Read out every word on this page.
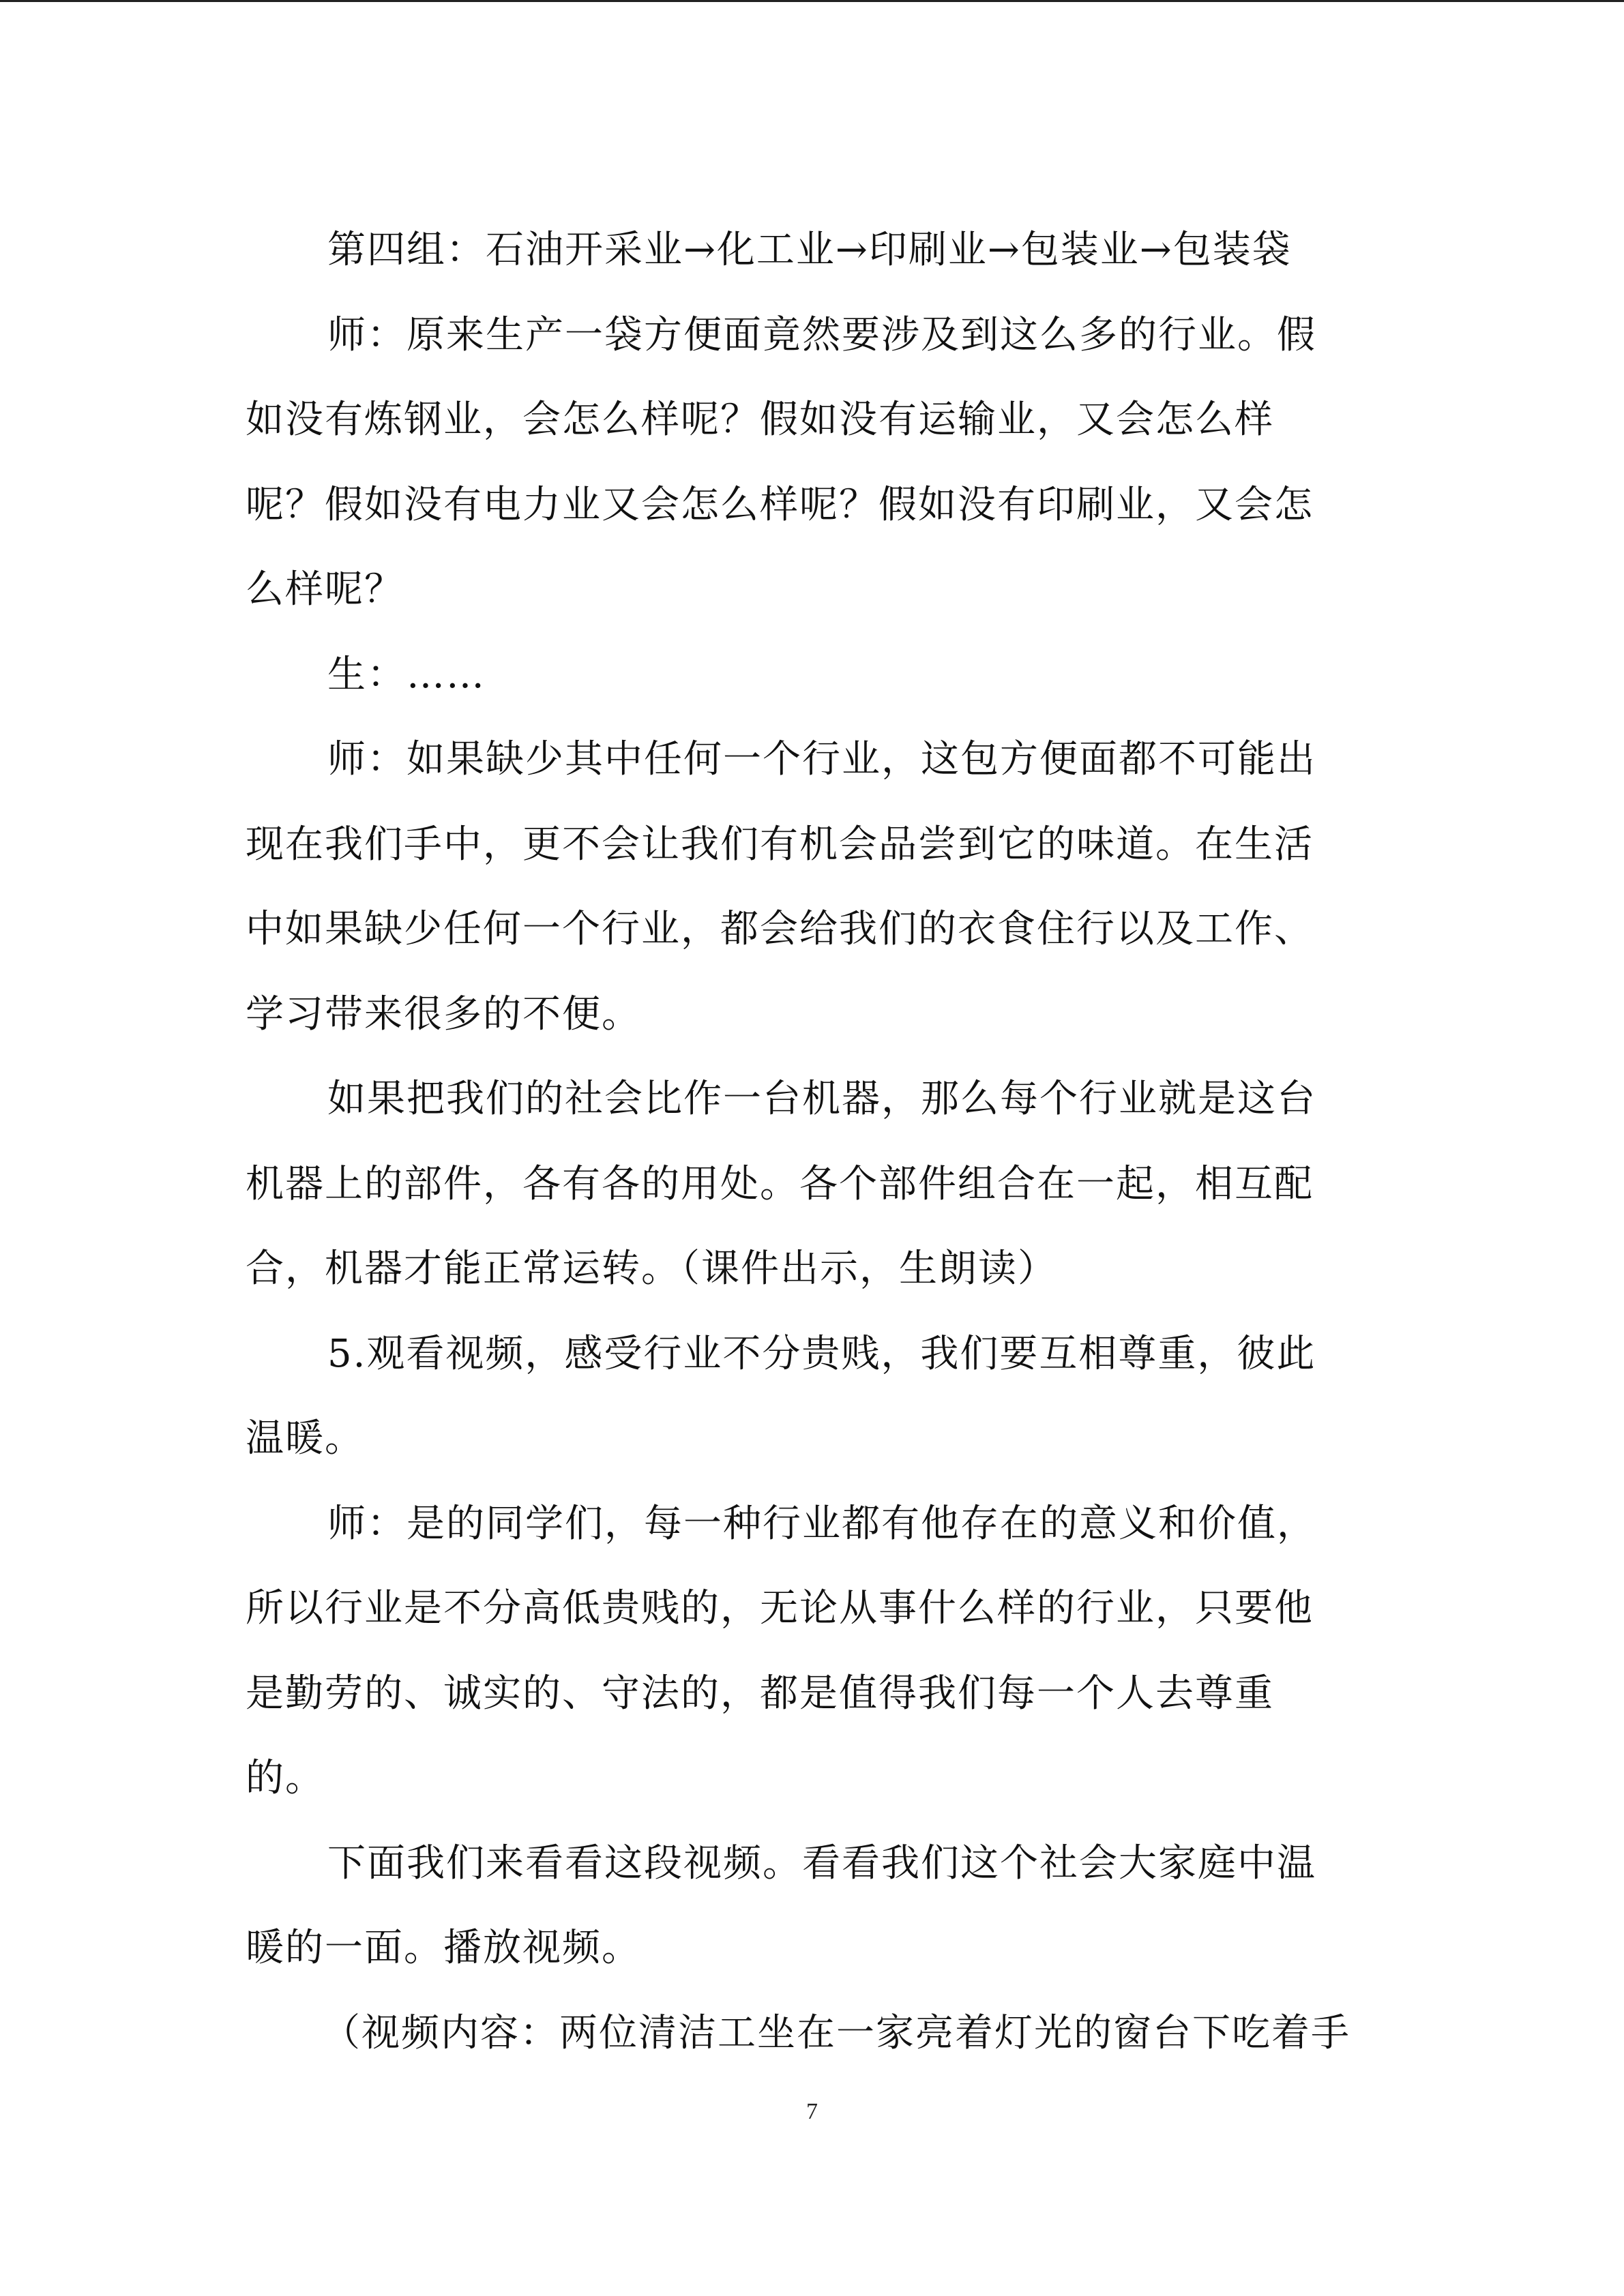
第四组：石油开采业→化工业→印刷业→包装业→包装袋
师：原来生产一袋方便面竟然要涉及到这么多的行业。假
如没有炼钢业，会怎么样呢？假如没有运输业，又会怎么样
呢？假如没有电力业又会怎么样呢？假如没有印刷业，又会怎
么样呢？
生：……
师：如果缺少其中任何一个行业，这包方便面都不可能出
现在我们手中，更不会让我们有机会品尝到它的味道。在生活
中如果缺少任何一个行业，都会给我们的衣食住行以及工作、
学习带来很多的不便。
如果把我们的社会比作一台机器，那么每个行业就是这台
机器上的部件，各有各的用处。各个部件组合在一起，相互配
合，机器才能正常运转。（课件出示，生朗读）
5.观看视频，感受行业不分贵贱，我们要互相尊重，彼此
温暖。
师：是的同学们，每一种行业都有他存在的意义和价值，
所以行业是不分高低贵贱的，无论从事什么样的行业，只要他
是勤劳的、诚实的、守法的，都是值得我们每一个人去尊重
的。
下面我们来看看这段视频。看看我们这个社会大家庭中温
暖的一面。播放视频。
（视频内容：两位清洁工坐在一家亮着灯光的窗台下吃着手
7
